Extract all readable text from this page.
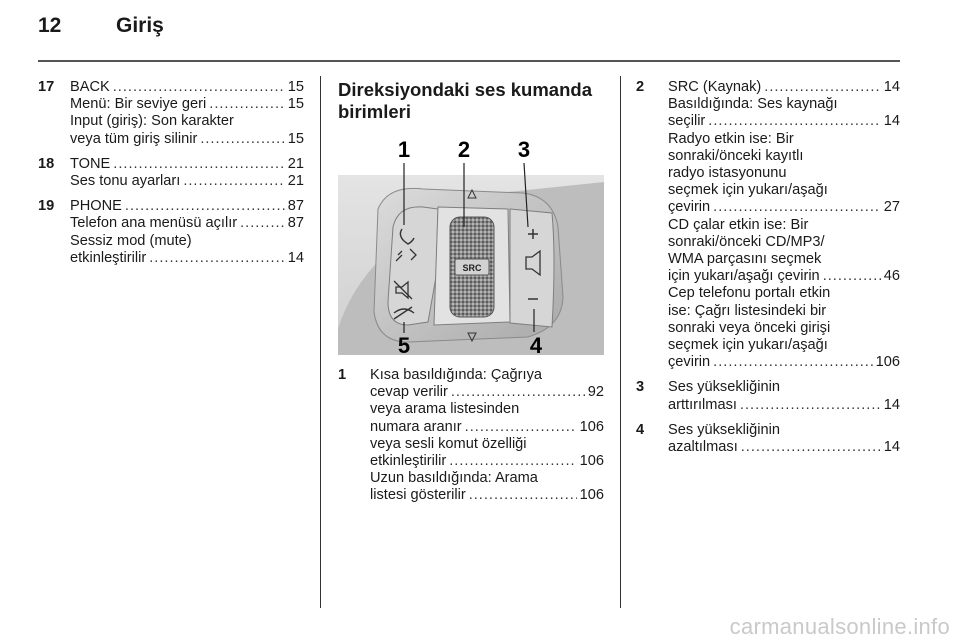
12	Giriş
17 BACK .....	15
Menü: Bir seviye geri .....	15
Input (giriş): Son karakter
veya tüm giriş silinir .....	15
18 TONE .....	21
Ses tonu ayarları .....	21
19 PHONE .....	87
Telefon ana menüsü açılır .....	87
Sessiz mod (mute)
etkinleştirilir .....	14
Direksiyondaki ses kumanda
birimleri
SRC
1 2 3
4
5
1 Kısa basıldığında: Çağrıya
cevap verilir .....	92
veya arama listesinden
numara aranır .....	106
veya sesli komut özelliği
etkinleştirilir .....	106
Uzun basıldığında: Arama
listesi gösterilir .....	106
2 SRC (Kaynak) .....	14
Basıldığında: Ses kaynağı
seçilir .....	14
Radyo etkin ise: Bir
sonraki/önceki kayıtlı
radyo istasyonunu
seçmek için yukarı/aşağı
çevirin .....	27
CD çalar etkin ise: Bir
sonraki/önceki CD/MP3/
WMA parçasını seçmek
için yukarı/aşağı çevirin .....	46
Cep telefonu portalı etkin
ise: Çağrı listesindeki bir
sonraki veya önceki girişi
seçmek için yukarı/aşağı
çevirin .....	106
3 Ses yüksekliğinin
arttırılması .....	14
4 Ses yüksekliğinin
azaltılması .....	14
carmanualsonline.info
